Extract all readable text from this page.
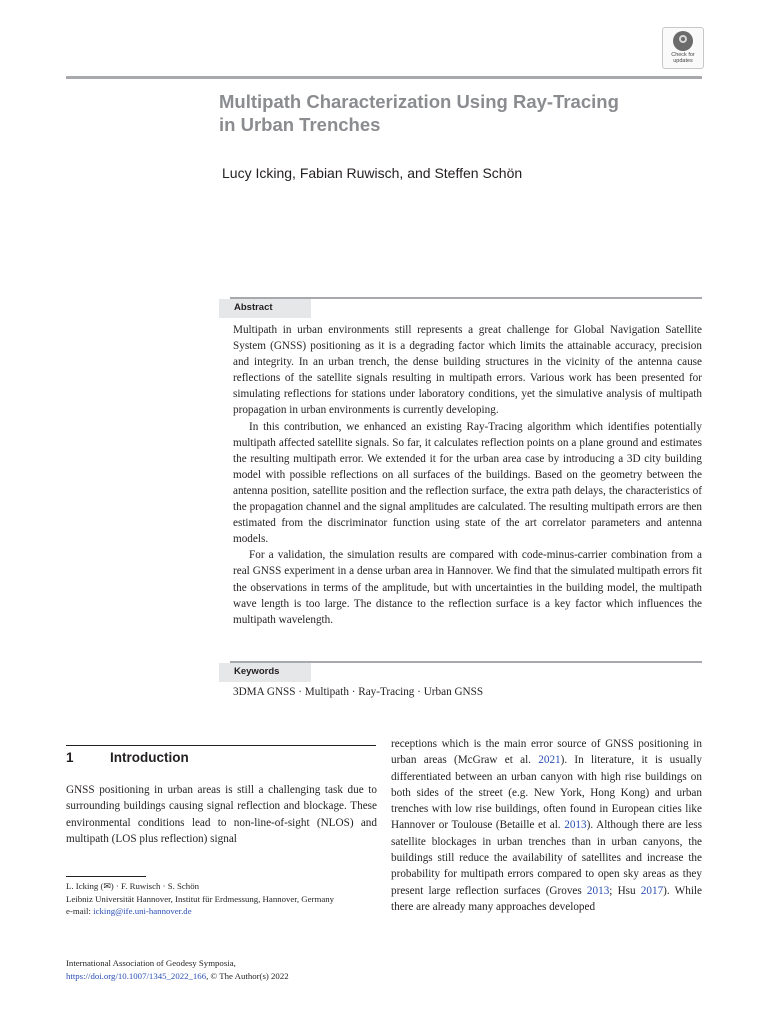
Check for
updates
Multipath Characterization Using Ray-Tracing
in Urban Trenches

Lucy Icking, Fabian Ruwisch, and Steffen Schön

Abstract

Multipath in urban environments still represents a great challenge for Global Navigation Satellite System (GNSS) positioning as it is a degrading factor which limits the attainable accuracy, precision and integrity. In an urban trench, the dense building structures in the vicinity of the antenna cause reflections of the satellite signals resulting in multipath errors. Various work has been presented for simulating reflections for stations under laboratory conditions, yet the simulative analysis of multipath propagation in urban environments is currently developing.

In this contribution, we enhanced an existing Ray-Tracing algorithm which identifies potentially multipath affected satellite signals. So far, it calculates reflection points on a plane ground and estimates the resulting multipath error. We extended it for the urban area case by introducing a 3D city building model with possible reflections on all surfaces of the buildings. Based on the geometry between the antenna position, satellite position and the reflection surface, the extra path delays, the characteristics of the propagation channel and the signal amplitudes are calculated. The resulting multipath errors are then estimated from the discriminator function using state of the art correlator parameters and antenna models.

For a validation, the simulation results are compared with code-minus-carrier combination from a real GNSS experiment in a dense urban area in Hannover. We find that the simulated multipath errors fit the observations in terms of the amplitude, but with uncertainties in the building model, the multipath wave length is too large. The distance to the reflection surface is a key factor which influences the multipath wavelength.

Keywords

3DMA GNSS · Multipath · Ray-Tracing · Urban GNSS

1	Introduction

GNSS positioning in urban areas is still a challenging task due to surrounding buildings causing signal reflection and blockage. These environmental conditions lead to non-line-of-sight (NLOS) and multipath (LOS plus reflection) signal

receptions which is the main error source of GNSS positioning in urban areas (McGraw et al. 2021). In literature, it is usually differentiated between an urban canyon with high rise buildings on both sides of the street (e.g. New York, Hong Kong) and urban trenches with low rise buildings, often found in European cities like Hannover or Toulouse (Betaille et al. 2013). Although there are less satellite blockages in urban trenches than in urban canyons, the buildings still reduce the availability of satellites and increase the probability for multipath errors compared to open sky areas as they present large reflection surfaces (Groves 2013; Hsu 2017). While there are already many approaches developed

L. Icking (✉) · F. Ruwisch · S. Schön
Leibniz Universität Hannover, Institut für Erdmessung, Hannover, Germany
e-mail: icking@ife.uni-hannover.de
International Association of Geodesy Symposia,
https://doi.org/10.1007/1345_2022_166, © The Author(s) 2022
